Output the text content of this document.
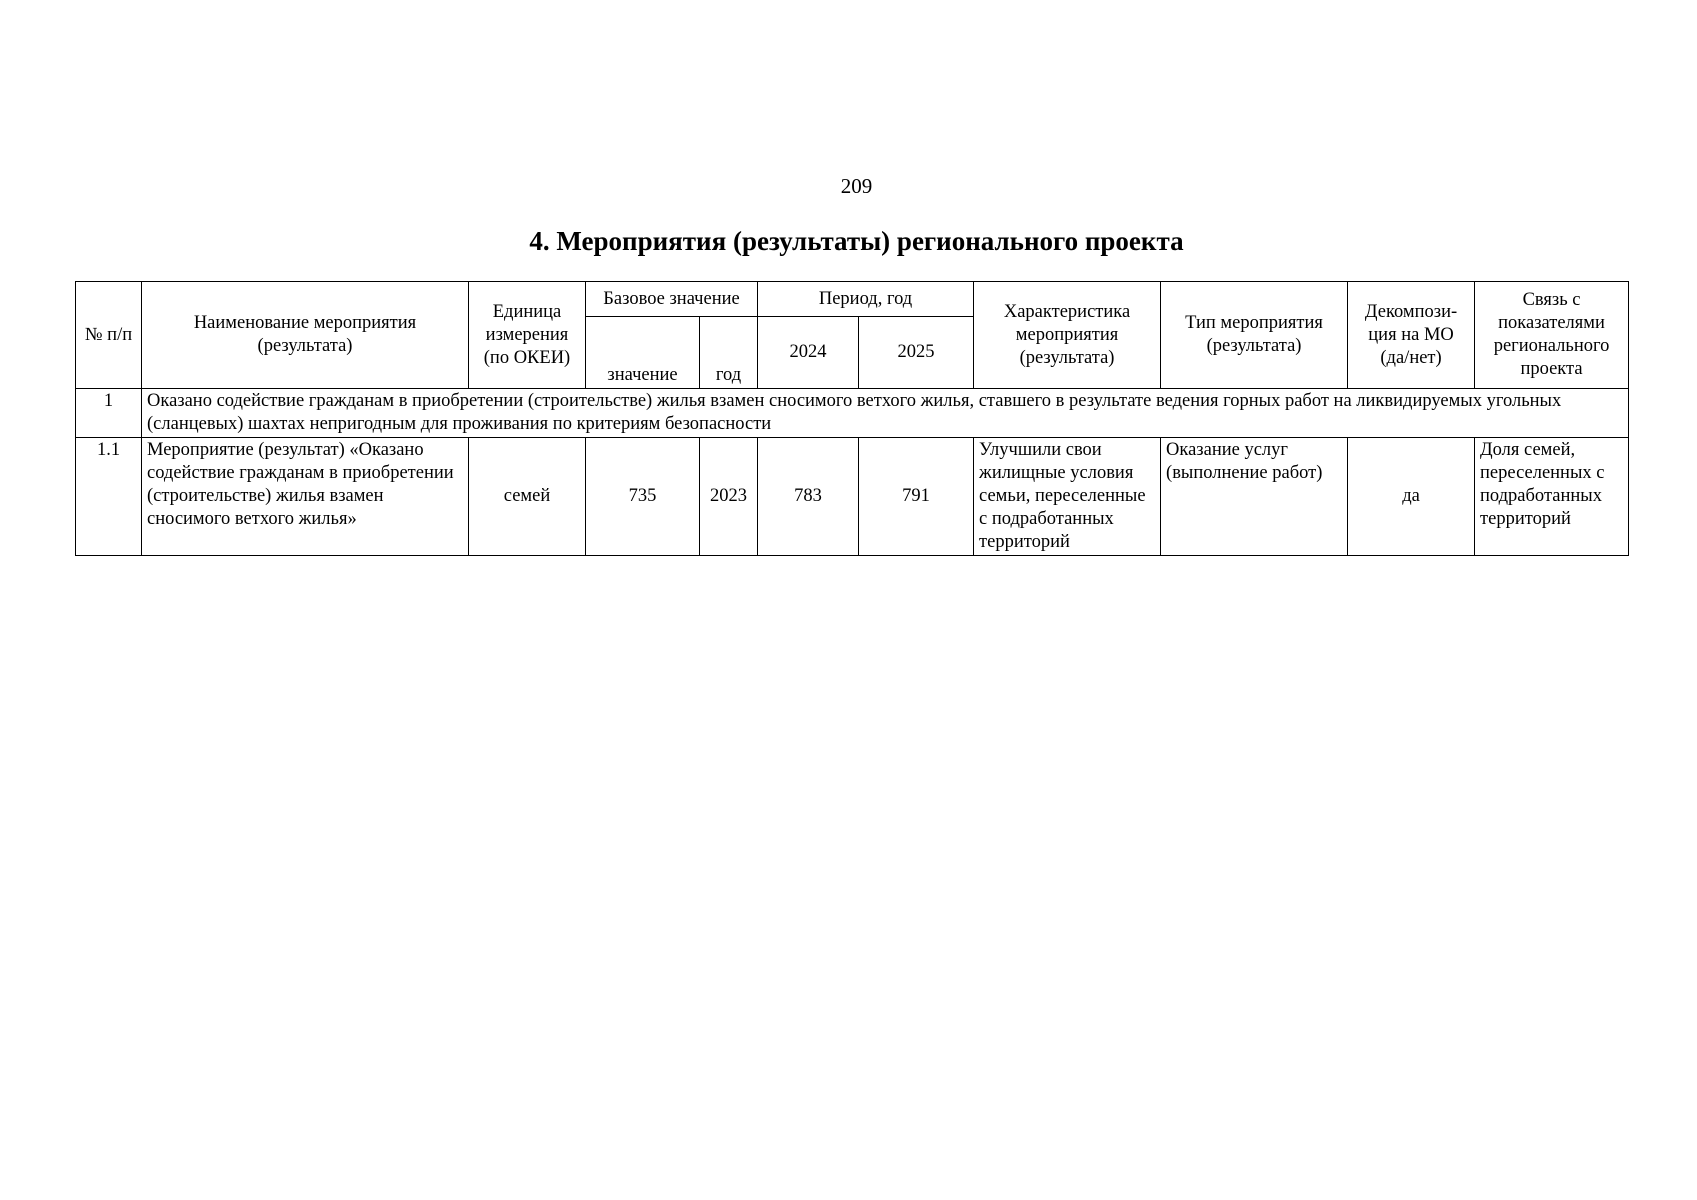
209
4. Мероприятия (результаты) регионального проекта
№ п/п	Наименование мероприятия (результата)	Единица измерения (по ОКЕИ)	Базовое значение		Период, год		Характеристика мероприятия (результата)	Тип мероприятия (результата)	Декомпози-ция на МО (да/нет)	Связь с показателями регионального проекта
			значение	год	2024	2025				
1	Оказано содействие гражданам в приобретении (строительстве) жилья взамен сносимого ветхого жилья, ставшего в результате ведения горных работ на ликвидируемых угольных (сланцевых) шахтах непригодным для проживания по критериям безопасности									
1.1	Мероприятие (результат) «Оказано содействие гражданам в приобретении (строительстве) жилья взамен сносимого ветхого жилья»	семей	735	2023	783	791	Улучшили свои жилищные условия семьи, переселенные с подработанных территорий	Оказание услуг (выполнение работ)	да	Доля семей, переселенных с подработанных территорий
